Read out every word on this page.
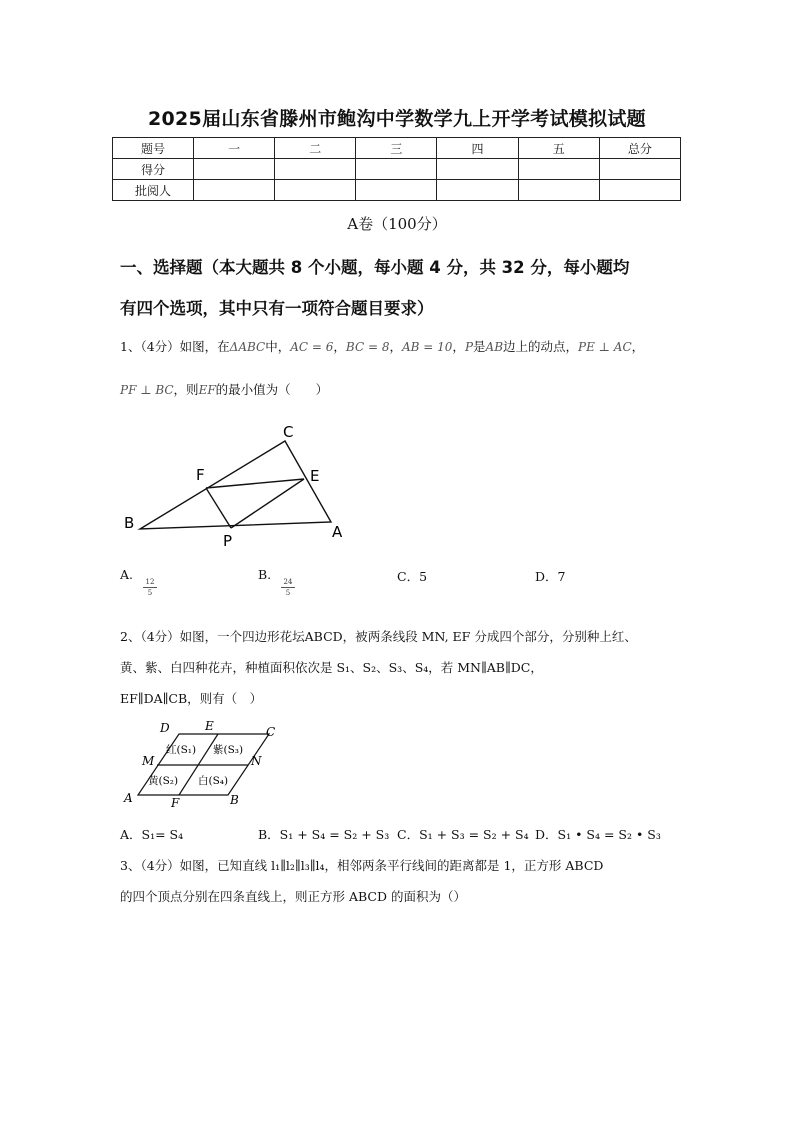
2025届山东省滕州市鲍沟中学数学九上开学考试模拟试题
题号	一	二	三	四	五	总分
得分						
批阅人						
A卷（100分）
一、选择题（本大题共 8 个小题，每小题 4 分，共 32 分，每小题均
有四个选项，其中只有一项符合题目要求）
1、（4分）如图，在ΔABC中，AC = 6，BC = 8，AB = 10，P是AB边上的动点，PE ⊥ AC，
PF ⊥ BC，则EF的最小值为（　　）
C
F	E
B
P	A
A.	12
5
B.	24
5
C．5	D．7
2、（4分）如图，一个四边形花坛ABCD，被两条线段 MN, EF 分成四个部分，分别种上红、
黄、紫、白四种花卉，种植面积依次是 S₁、S₂、S₃、S₄，若 MN∥AB∥DC，
EF∥DA∥CB，则有（　）
D	E	C
M	N
A	F	B
红(S₁) 紫(S₃)
黄(S₂) 白(S₄)
A．S₁= S₄	B．S₁ + S₄ = S₂ + S₃ C．S₁ + S₃ = S₂ + S₄ D．S₁ • S₄ = S₂ • S₃
3、（4分）如图，已知直线 l₁∥l₂∥l₃∥l₄，相邻两条平行线间的距离都是 1，正方形 ABCD
的四个顶点分别在四条直线上，则正方形 ABCD 的面积为（）
